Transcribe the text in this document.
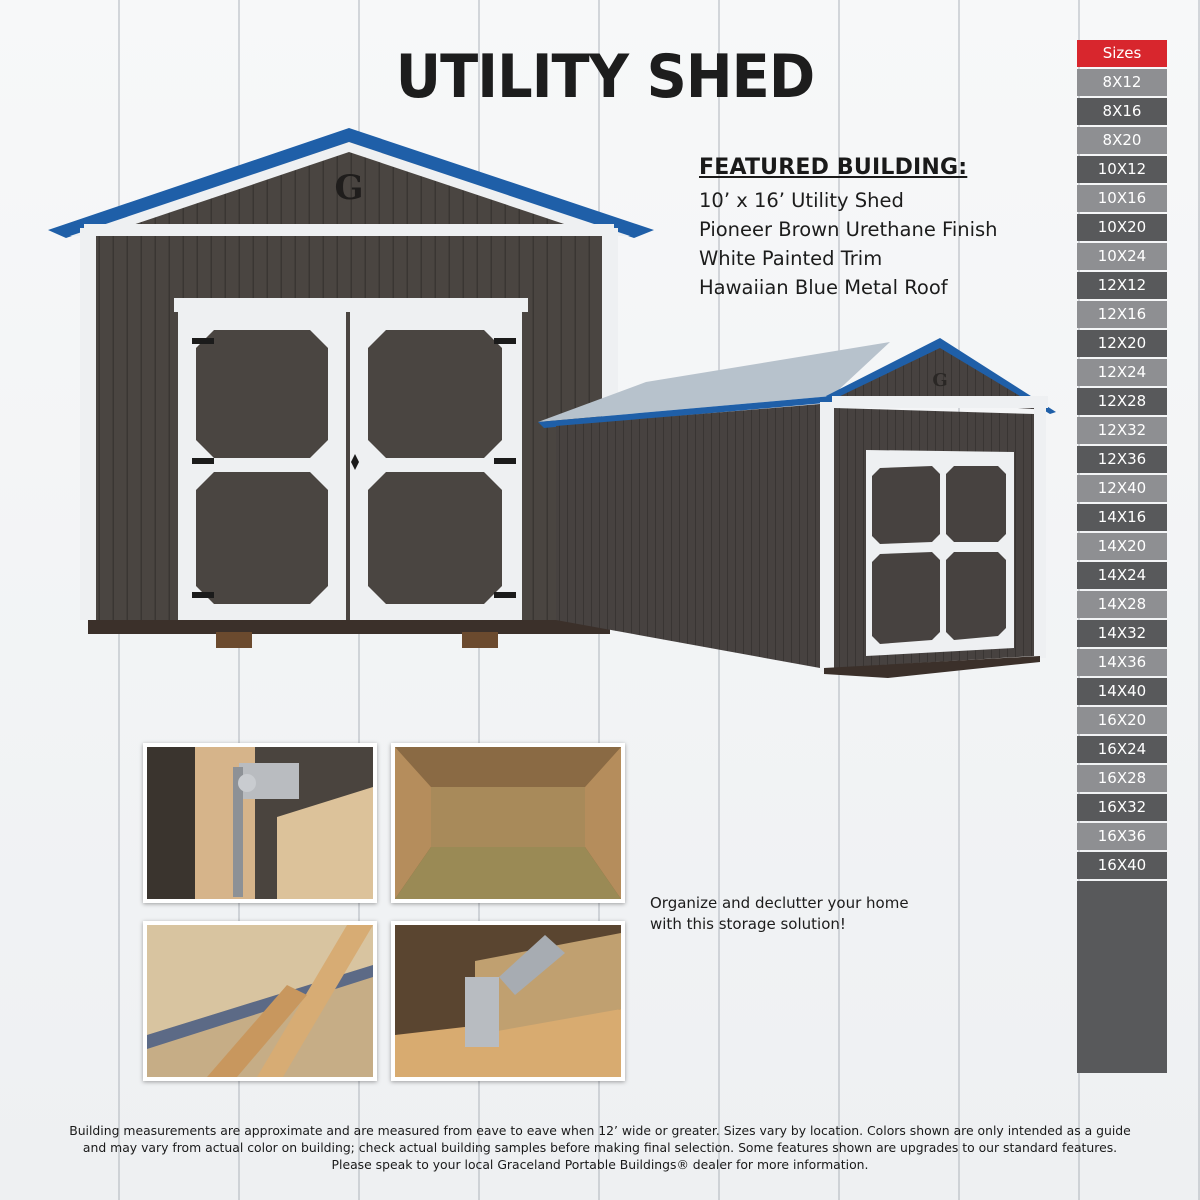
UTILITY SHED
G
G
FEATURED BUILDING:
10’ x 16’ Utility Shed
Pioneer Brown Urethane Finish
White Painted Trim
Hawaiian Blue Metal Roof
Sizes
8X12
8X16
8X20
10X12
10X16
10X20
10X24
12X12
12X16
12X20
12X24
12X28
12X32
12X36
12X40
14X16
14X20
14X24
14X28
14X32
14X36
14X40
16X20
16X24
16X28
16X32
16X36
16X40
Organize and declutter your home
with this storage solution!
Building measurements are approximate and are measured from eave to eave when 12’ wide or greater. Sizes vary by location. Colors shown are only intended as a guide
and may vary from actual color on building; check actual building samples before making final selection. Some features shown are upgrades to our standard features.
Please speak to your local Graceland Portable Buildings® dealer for more information.
